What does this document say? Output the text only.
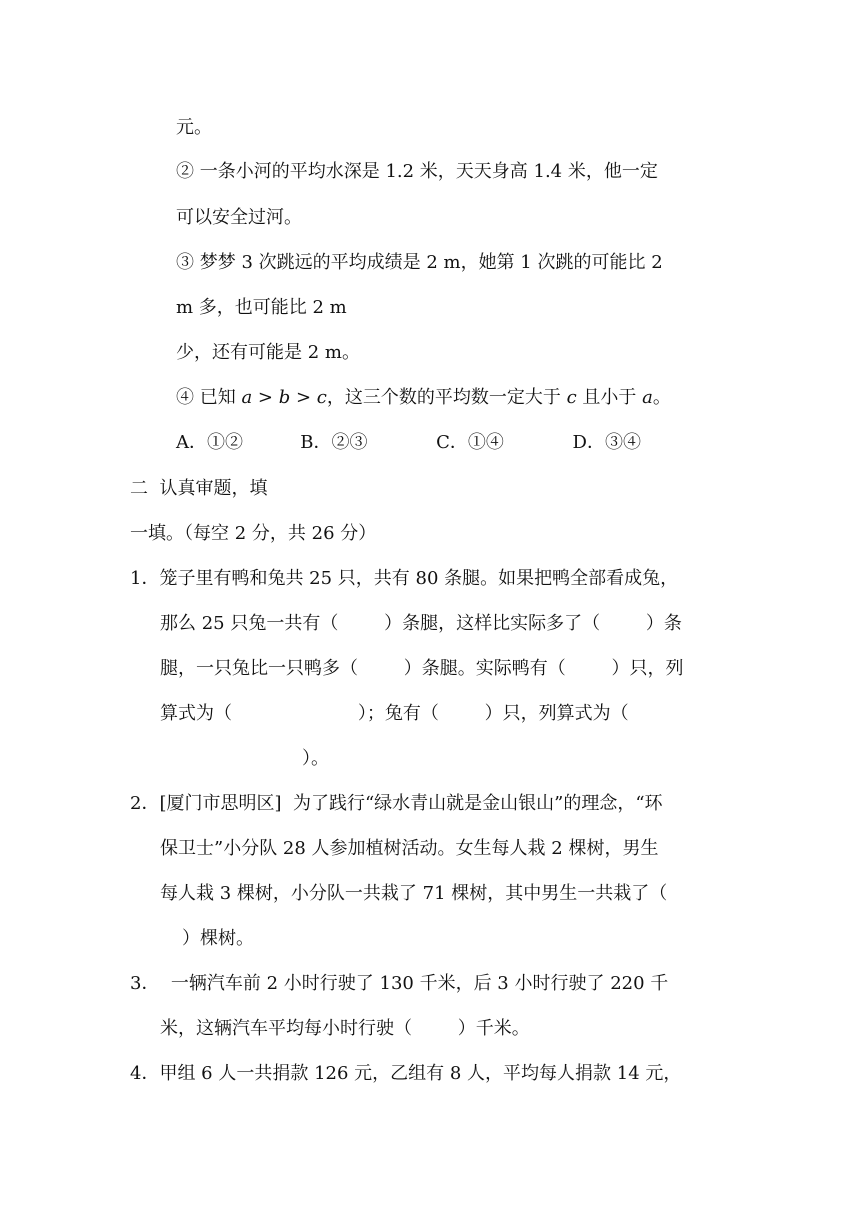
元。
② 一条小河的平均水深是 1.2 米，天天身高 1.4 米，他一定
可以安全过河。
③ 梦梦 3 次跳远的平均成绩是 2 m，她第 1 次跳的可能比 2
m 多，也可能比 2 m
少，还有可能是 2 m。
④ 已知 a > b > c，这三个数的平均数一定大于 c 且小于 a。
A．①②          B．②③            C．①④            D．③④
二  认真审题，填
一填。（每空 2 分，共 26 分）
1．笼子里有鸭和兔共 25 只，共有 80 条腿。如果把鸭全部看成兔，
那么 25 只兔一共有（        ）条腿，这样比实际多了（        ）条
腿，一只兔比一只鸭多（        ）条腿。实际鸭有（        ）只，列
算式为（                      ）；兔有（        ）只，列算式为（
）。
2．[厦门市思明区]  为了践行“绿水青山就是金山银山”的理念，“环
保卫士”小分队 28 人参加植树活动。女生每人栽 2 棵树，男生
每人栽 3 棵树，小分队一共栽了 71 棵树，其中男生一共栽了（
）棵树。
3．  一辆汽车前 2 小时行驶了 130 千米，后 3 小时行驶了 220 千
米，这辆汽车平均每小时行驶（        ）千米。
4．甲组 6 人一共捐款 126 元，乙组有 8 人，平均每人捐款 14 元，
